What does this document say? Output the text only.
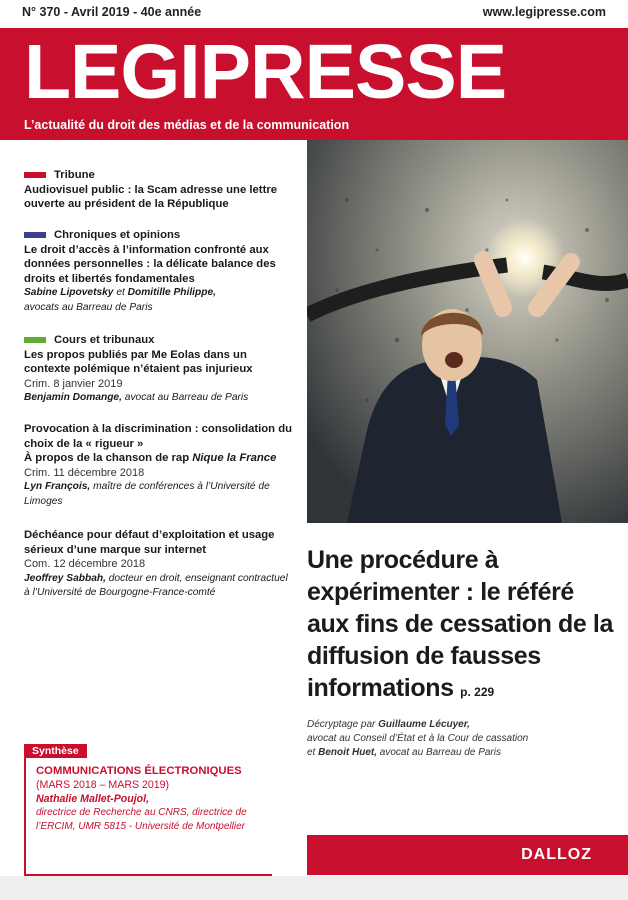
N° 370 - Avril 2019 - 40e année	www.legipresse.com
LEGIPRESSE
L’actualité du droit des médias et de la communication
Tribune
Audiovisuel public : la Scam adresse une lettre ouverte au président de la République
Chroniques et opinions
Le droit d’accès à l’information confronté aux données personnelles : la délicate balance des droits et libertés fondamentales
Sabine Lipovetsky et Domitille Philippe,
avocats au Barreau de Paris
Cours et tribunaux
Les propos publiés par Me Eolas dans un contexte polémique n’étaient pas injurieux
Crim. 8 janvier 2019
Benjamin Domange, avocat au Barreau de Paris
Provocation à la discrimination : consolidation du choix de la « rigueur »
À propos de la chanson de rap Nique la France
Crim. 11 décembre 2018
Lyn François, maître de conférences à l’Université de Limoges
Déchéance pour défaut d’exploitation et usage sérieux d’une marque sur internet
Com. 12 décembre 2018
Jeoffrey Sabbah, docteur en droit, enseignant contractuel à l’Université de Bourgogne-France-comté
Une procédure à expérimenter : le référé aux fins de cessation de la diffusion de fausses informations p. 229
Décryptage par Guillaume Lécuyer,
avocat au Conseil d’État et à la Cour de cassation
et Benoit Huet, avocat au Barreau de Paris
Synthèse
COMMUNICATIONS ÉLECTRONIQUES
(MARS 2018 – MARS 2019)
Nathalie Mallet-Poujol,
directrice de Recherche au CNRS, directrice de l’ERCIM, UMR 5815 - Université de Montpellier
DALLOZ
